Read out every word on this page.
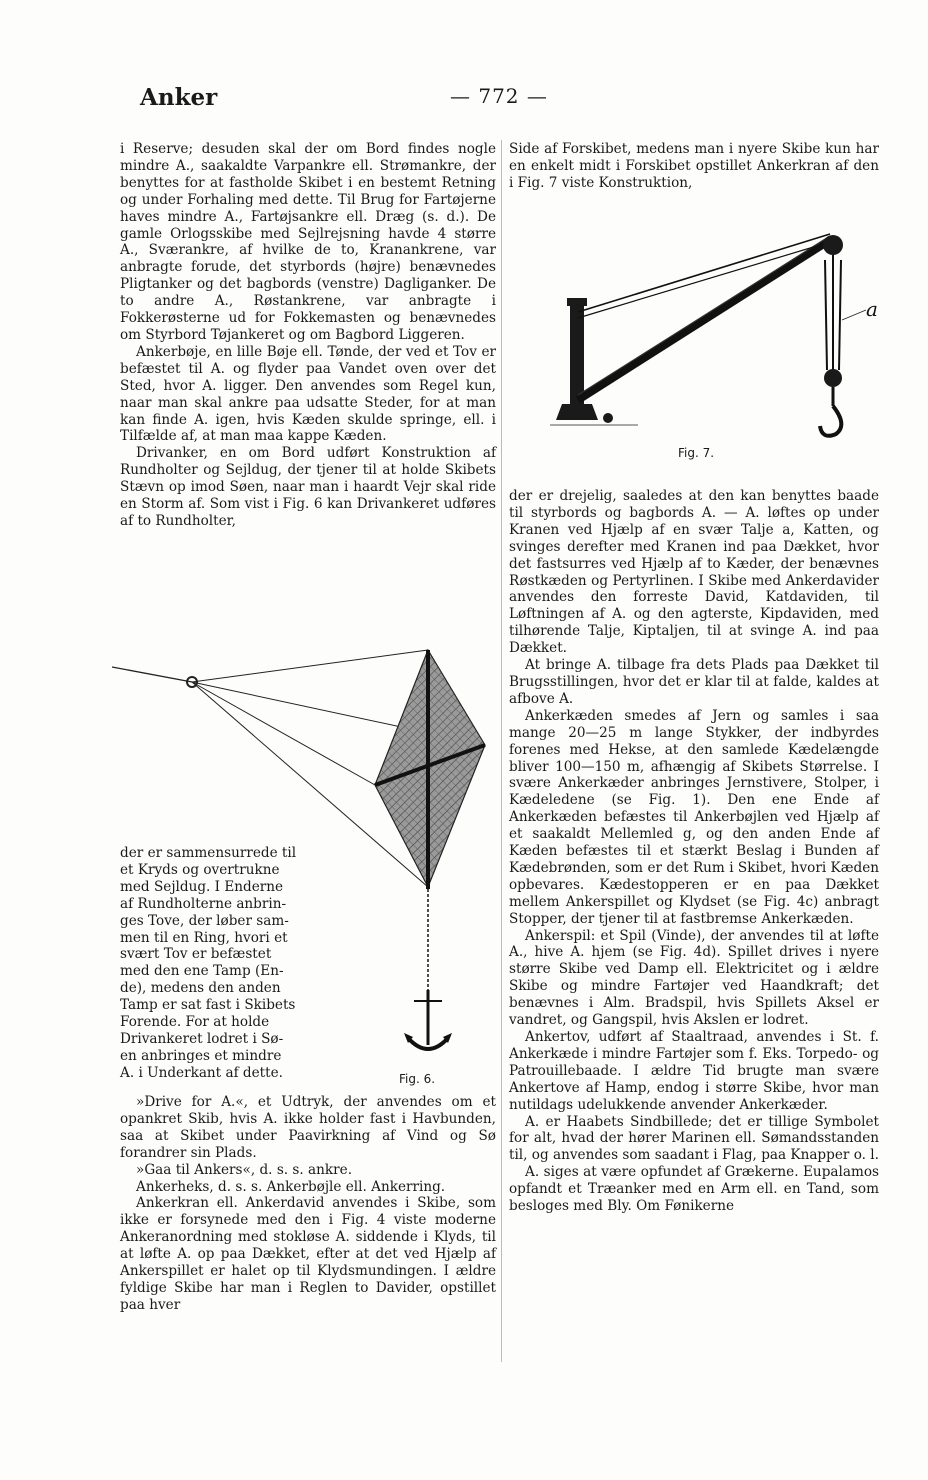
Anker	— 772 —

i Reserve; desuden skal der om Bord findes nogle mindre A., saakaldte Varpankre ell. Strømankre, der benyttes for at fastholde Skibet i en bestemt Retning og under Forhaling med dette. Til Brug for Fartøjerne haves mindre A., Fartøjsankre ell. Dræg (s. d.). De gamle Orlogsskibe med Sejlrejsning havde 4 større A., Sværankre, af hvilke de to, Kranankrene, var anbragte forude, det styrbords (højre) benævnedes Pligtanker og det bagbords (venstre) Dagliganker. De to andre A., Røstankrene, var anbragte i Fokkerøsterne ud for Fokkemasten og benævnedes om Styrbord Tøjankeret og om Bagbord Liggeren.

Ankerbøje, en lille Bøje ell. Tønde, der ved et Tov er befæstet til A. og flyder paa Vandet oven over det Sted, hvor A. ligger. Den anvendes som Regel kun, naar man skal ankre paa udsatte Steder, for at man kan finde A. igen, hvis Kæden skulde springe, ell. i Tilfælde af, at man maa kappe Kæden.

Drivanker, en om Bord udført Konstruktion af Rundholter og Sejldug, der tjener til at holde Skibets Stævn op imod Søen, naar man i haardt Vejr skal ride en Storm af. Som vist i Fig. 6 kan Drivankeret udføres af to Rundholter,

Fig. 6.

der er sammensurrede til

et Kryds og overtrukne

med Sejldug. I Enderne

af Rundholterne anbrin-

ges Tove, der løber sam-

men til en Ring, hvori et

svært Tov er befæstet

med den ene Tamp (En-

de), medens den anden

Tamp er sat fast i Skibets

Forende. For at holde

Drivankeret lodret i Sø-

en anbringes et mindre

A. i Underkant af dette.

»Drive for A.«, et Udtryk, der anvendes om et opankret Skib, hvis A. ikke holder fast i Havbunden, saa at Skibet under Paavirkning af Vind og Sø forandrer sin Plads.

»Gaa til Ankers«, d. s. s. ankre.

Ankerheks, d. s. s. Ankerbøjle ell. Ankerring.

Ankerkran ell. Ankerdavid anvendes i Skibe, som ikke er forsynede med den i Fig. 4 viste moderne Ankeranordning med stokløse A. siddende i Klyds, til at løfte A. op paa Dækket, efter at det ved Hjælp af Ankerspillet er halet op til Klydsmundingen. I ældre fyldige Skibe har man i Reglen to Davider, opstillet paa hver

Side af Forskibet, medens man i nyere Skibe kun har en enkelt midt i Forskibet opstillet Ankerkran af den i Fig. 7 viste Konstruktion,

a
Fig. 7.

der er drejelig, saaledes at den kan benyttes baade til styrbords og bagbords A. — A. løftes op under Kranen ved Hjælp af en svær Talje a, Katten, og svinges derefter med Kranen ind paa Dækket, hvor det fastsurres ved Hjælp af to Kæder, der benævnes Røstkæden og Pertyrlinen. I Skibe med Ankerdavider anvendes den forreste David, Katdaviden, til Løftningen af A. og den agterste, Kipdaviden, med tilhørende Talje, Kiptaljen, til at svinge A. ind paa Dækket.

At bringe A. tilbage fra dets Plads paa Dækket til Brugsstillingen, hvor det er klar til at falde, kaldes at afbove A.

Ankerkæden smedes af Jern og samles i saa mange 20—25 m lange Stykker, der indbyrdes forenes med Hekse, at den samlede Kædelængde bliver 100—150 m, afhængig af Skibets Størrelse. I svære Ankerkæder anbringes Jernstivere, Stolper, i Kædeledene (se Fig. 1). Den ene Ende af Ankerkæden befæstes til Ankerbøjlen ved Hjælp af et saakaldt Mellemled g, og den anden Ende af Kæden befæstes til et stærkt Beslag i Bunden af Kædebrønden, som er det Rum i Skibet, hvori Kæden opbevares. Kædestopperen er en paa Dækket mellem Ankerspillet og Klydset (se Fig. 4c) anbragt Stopper, der tjener til at fastbremse Ankerkæden.

Ankerspil: et Spil (Vinde), der anvendes til at løfte A., hive A. hjem (se Fig. 4d). Spillet drives i nyere større Skibe ved Damp ell. Elektricitet og i ældre Skibe og mindre Fartøjer ved Haandkraft; det benævnes i Alm. Bradspil, hvis Spillets Aksel er vandret, og Gangspil, hvis Akslen er lodret.

Ankertov, udført af Staaltraad, anvendes i St. f. Ankerkæde i mindre Fartøjer som f. Eks. Torpedo- og Patrouillebaade. I ældre Tid brugte man svære Ankertove af Hamp, endog i større Skibe, hvor man nutildags udelukkende anvender Ankerkæder.

A. er Haabets Sindbillede; det er tillige Symbolet for alt, hvad der hører Marinen ell. Sømandsstanden til, og anvendes som saadant i Flag, paa Knapper o. l.

A. siges at være opfundet af Grækerne. Eupalamos opfandt et Træanker med en Arm ell. en Tand, som besloges med Bly. Om Fønikerne
